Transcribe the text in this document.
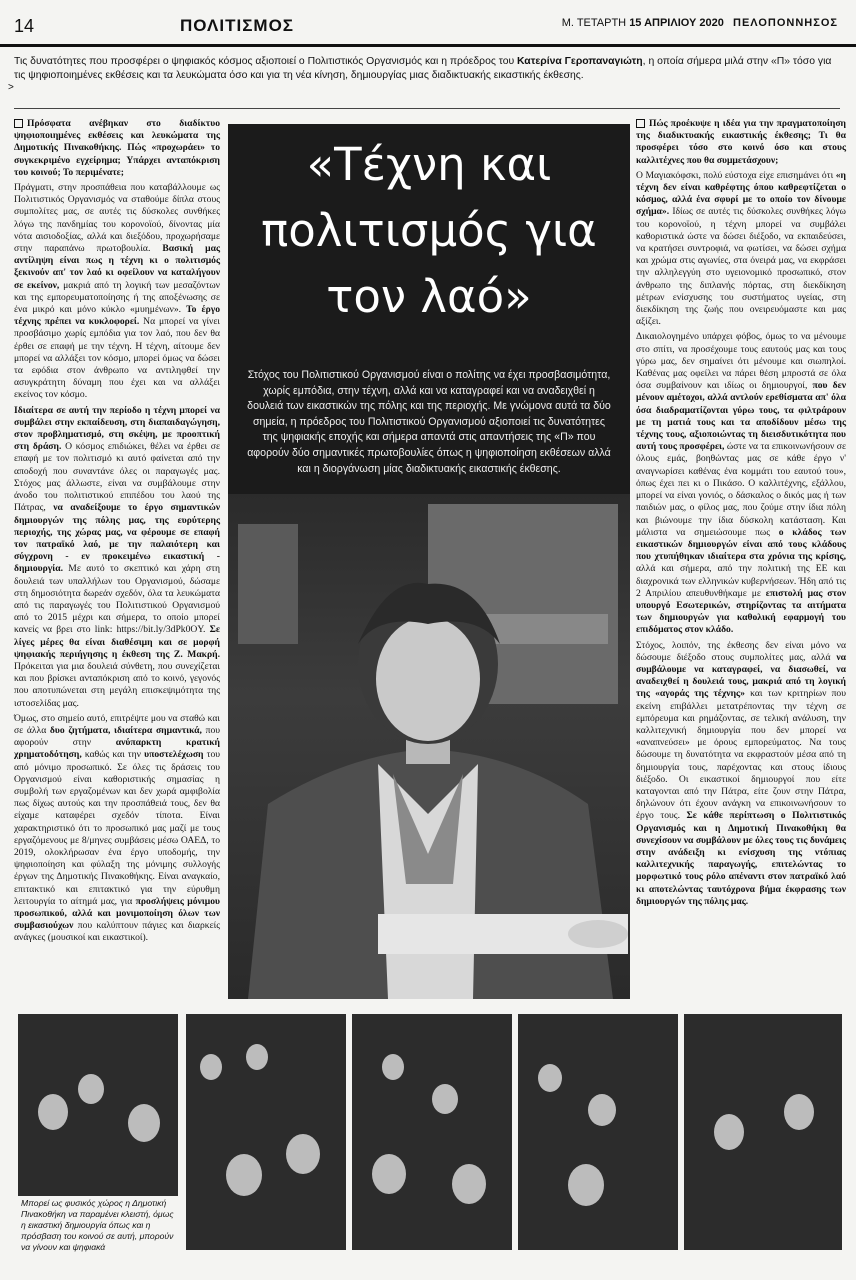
14	ΠΟΛΙΤΙΣΜΟΣ	Μ. ΤΕΤΑΡΤΗ 15 ΑΠΡΙΛΙΟΥ 2020 ΠΕΛΟΠΟΝΝΗΣΟΣ
Τις δυνατότητες που προσφέρει ο ψηφιακός κόσμος αξιοποιεί ο Πολιτιστικός Οργανισμός και η πρόεδρος του Κατερίνα Γεροπαναγιώτη, η οποία σήμερα μιλά στην «Π» τόσο για τις ψηφιοποιημένες εκθέσεις και τα λευκώματα όσο και για τη νέα κίνηση, δημιουργίας μιας διαδικτυακής εικαστικής έκθεσης.
>

Πρόσφατα ανέβηκαν στο διαδίκτυο ψηφιοποιημένες εκθέσεις και λευκώματα της Δημοτικής Πινακοθήκης. Πώς «προχωράει» το συγκεκριμένο εγχείρημα; Υπάρχει ανταπόκριση του κοινού; Το περιμένατε;

Πράγματι, στην προσπάθεια που καταβάλλουμε ως Πολιτιστικός Οργανισμός να σταθούμε δίπλα στους συμπολίτες μας, σε αυτές τις δύσκολες συνθήκες λόγω της πανδημίας του κορονοϊού, δίνοντας μία νότα αισιοδοξίας, αλλά και διεξόδου, προχωρήσαμε στην παραπάνω πρωτοβουλία. Βασική μας αντίληψη είναι πως η τέχνη κι ο πολιτισμός ξεκινούν απ' τον λαό κι οφείλουν να καταλήγουν σε εκείνον, μακριά από τη λογική των μεσαζόντων και της εμπορευματοποίησης ή της αποξένωσης σε ένα μικρό και μόνο κύκλο «μυημένων». Το έργο τέχνης πρέπει να κυκλοφορεί. Να μπορεί να γίνει προσβάσιμο χωρίς εμπόδια για τον λαό, που δεν θα έρθει σε επαφή με την τέχνη. Η τέχνη, αίτουμε δεν μπορεί να αλλάξει τον κόσμο, μπορεί όμως να δώσει τα εφόδια στον άνθρωπο να αντιληφθεί την ασυγκράτητη δύναμη που έχει και να αλλάξει εκείνος τον κόσμο.

Ιδιαίτερα σε αυτή την περίοδο η τέχνη μπορεί να συμβάλει στην εκπαίδευση, στη διαπαιδαγώγηση, στον προβληματισμό, στη σκέψη, με προοπτική στη δράση. Ο κόσμος επιδιώκει, θέλει να έρθει σε επαφή με τον πολιτισμό κι αυτό φαίνεται από την αποδοχή που συναντάνε όλες οι παραγωγές μας. Στόχος μας άλλωστε, είναι να συμβάλουμε στην άνοδο του πολιτιστικού επιπέδου του λαού της Πάτρας, να αναδείξουμε το έργο σημαντικών δημιουργών της πόλης μας, της ευρύτερης περιοχής, της χώρας μας, να φέρουμε σε επαφή τον πατραϊκό λαό, με την παλαιότερη και σύγχρονη - εν προκειμένω εικαστική - δημιουργία. Με αυτό το σκεπτικό και χάρη στη δουλειά των υπαλλήλων του Οργανισμού, δώσαμε στη δημοσιότητα δωρεάν σχεδόν, όλα τα λευκώματα από τις παραγωγές του Πολιτιστικού Οργανισμού από το 2015 μέχρι και σήμερα, το οποίο μπορεί κανείς να βρει στο link: https://bit.ly/3dPk0OY. Σε λίγες μέρες θα είναι διαθέσιμη και σε μορφή ψηφιακής περιήγησης η έκθεση της Ζ. Μακρή. Πρόκειται για μια δουλειά σύνθετη, που συνεχίζεται και που βρίσκει ανταπόκριση από το κοινό, γεγονός που αποτυπώνεται στη μεγάλη επισκεψιμότητα της ιστοσελίδας μας.

Όμως, στο σημείο αυτό, επιτρέψτε μου να σταθώ και σε άλλα δυο ζητήματα, ιδιαίτερα σημαντικά, που αφορούν στην ανύπαρκτη κρατική χρηματοδότηση, καθώς και την υποστελέχωση του από μόνιμο προσωπικό. Σε όλες τις δράσεις του Οργανισμού είναι καθοριστικής σημασίας η συμβολή των εργαζομένων και δεν χωρά αμφιβολία πως δίχως αυτούς και την προσπάθειά τους, δεν θα είχαμε καταφέρει σχεδόν τίποτα. Είναι χαρακτηριστικό ότι το προσωπικό μας μαζί με τους εργαζόμενους με 8/μηνες συμβάσεις μέσω ΟΑΕΔ, το 2019, ολοκλήρωσαν ένα έργο υποδομής, την ψηφιοποίηση και φύλαξη της μόνιμης συλλογής έργων της Δημοτικής Πινακοθήκης. Είναι αναγκαίο, επιτακτικό και επιτακτικό για την εύρυθμη λειτουργία το αίτημά μας, για προσλήψεις μόνιμου προσωπικού, αλλά και μονιμοποίηση όλων των συμβασιούχων που καλύπτουν πάγιες και διαρκείς ανάγκες (μουσικοί και εικαστικοί).

«Τέχνη και πολιτισμός για τον λαό»
Στόχος του Πολιτιστικού Οργανισμού είναι ο πολίτης να έχει προσβασιμότητα, χωρίς εμπόδια, στην τέχνη, αλλά και να καταγραφεί και να αναδειχθεί η δουλειά των εικαστικών της πόλης και της περιοχής. Με γνώμονα αυτά τα δύο σημεία, η πρόεδρος του Πολιτιστικού Οργανισμού αξιοποιεί τις δυνατότητες της ψηφιακής εποχής και σήμερα απαντά στις απαντήσεις της «Π» που αφορούν δύο σημαντικές πρωτοβουλίες όπως η ψηφιοποίηση εκθέσεων αλλά και η διοργάνωση μίας διαδικτυακής εικαστικής έκθεσης.

Πώς προέκυψε η ιδέα για την πραγματοποίηση της διαδικτυακής εικαστικής έκθεσης; Τι θα προσφέρει τόσο στο κοινό όσο και στους καλλιτέχνες που θα συμμετάσχουν;

Ο Μαγιακόφσκι, πολύ εύστοχα είχε επισημάνει ότι «η τέχνη δεν είναι καθρέφτης όπου καθρεφτίζεται ο κόσμος, αλλά ένα σφυρί με το οποίο τον δίνουμε σχήμα». Ιδίως σε αυτές τις δύσκολες συνθήκες λόγω του κορονοϊού, η τέχνη μπορεί να συμβάλει καθοριστικά ώστε να δώσει διέξοδο, να εκπαιδεύσει, να κρατήσει συντροφιά, να φωτίσει, να δώσει σχήμα και χρώμα στις αγωνίες, στα όνειρά μας, να εκφράσει την αλληλεγγύη στο υγειονομικό προσωπικό, στον άνθρωπο της διπλανής πόρτας, στη διεκδίκηση μέτρων ενίσχυσης του συστήματος υγείας, στη διεκδίκηση της ζωής που ονειρευόμαστε και μας αξίζει.

Δικαιολογημένο υπάρχει φόβος, όμως το να μένουμε στο σπίτι, να προσέχουμε τους εαυτούς μας και τους γύρω μας, δεν σημαίνει ότι μένουμε και σιωπηλοί. Καθένας μας οφείλει να πάρει θέση μπροστά σε όλα όσα συμβαίνουν και ιδίως οι δημιουργοί, που δεν μένουν αμέτοχοι, αλλά αντλούν ερεθίσματα απ' όλα όσα διαδραματίζονται γύρω τους, τα φιλτράρουν με τη ματιά τους και τα αποδίδουν μέσω της τέχνης τους, αξιοποιώντας τη διεισδυτικότητα που αυτή τους προσφέρει, ώστε να τα επικοινωνήσουν σε όλους εμάς, βοηθώντας μας σε κάθε έργο ν' αναγνωρίσει καθένας ένα κομμάτι του εαυτού του», όπως έχει πει κι ο Πικάσο. Ο καλλιτέχνης, εξάλλου, μπορεί να είναι γονιός, ο δάσκαλος ο δικός μας ή των παιδιών μας, ο φίλος μας, που ζούμε στην ίδια πόλη και βιώνουμε την ίδια δύσκολη κατάσταση. Και μάλιστα να σημειώσουμε πως ο κλάδος των εικαστικών δημιουργών είναι από τους κλάδους που χτυπήθηκαν ιδιαίτερα στα χρόνια της κρίσης, αλλά και σήμερα, από την πολιτική της ΕΕ και διαχρονικά των ελληνικών κυβερνήσεων. Ήδη από τις 2 Απριλίου απευθυνθήκαμε με επιστολή μας στον υπουργό Εσωτερικών, στηρίζοντας τα αιτήματα των δημιουργών για καθολική εφαρμογή του επιδόματος στον κλάδο.

Στόχος, λοιπόν, της έκθεσης δεν είναι μόνο να δώσουμε διέξοδο στους συμπολίτες μας, αλλά να συμβάλουμε να καταγραφεί, να διασωθεί, να αναδειχθεί η δουλειά τους, μακριά από τη λογική της «αγοράς της τέχνης» και των κριτηρίων που εκείνη επιβάλλει μετατρέποντας την τέχνη σε εμπόρευμα και ρημάζοντας, σε τελική ανάλυση, την καλλιτεχνική δημιουργία που δεν μπορεί να «αναπνεύσει» με όρους εμπορεύματος. Να τους δώσουμε τη δυνατότητα να εκφραστούν μέσα από τη δημιουργία τους, παρέχοντας και στους ίδιους διέξοδο. Οι εικαστικοί δημιουργοί που είτε καταγονται από την Πάτρα, είτε ζουν στην Πάτρα, δηλώνουν ότι έχουν ανάγκη να επικοινωνήσουν το έργο τους. Σε κάθε περίπτωση ο Πολιτιστικός Οργανισμός και η Δημοτική Πινακοθήκη θα συνεχίσουν να συμβάλουν με όλες τους τις δυνάμεις στην ανάδειξη κι ενίσχυση της ντόπιας καλλιτεχνικής παραγωγής, επιτελώντας το μορφωτικό τους ρόλο απέναντι στον πατραϊκό λαό κι αποτελώντας ταυτόχρονα βήμα έκφρασης των δημιουργών της πόλης μας.

Μπορεί ως φυσικός χώρος η Δημοτική Πινακοθήκη να παραμένει κλειστή, όμως η εικαστική δημιουργία όπως και η πρόσβαση του κοινού σε αυτή, μπορούν να γίνουν και ψηφιακά
